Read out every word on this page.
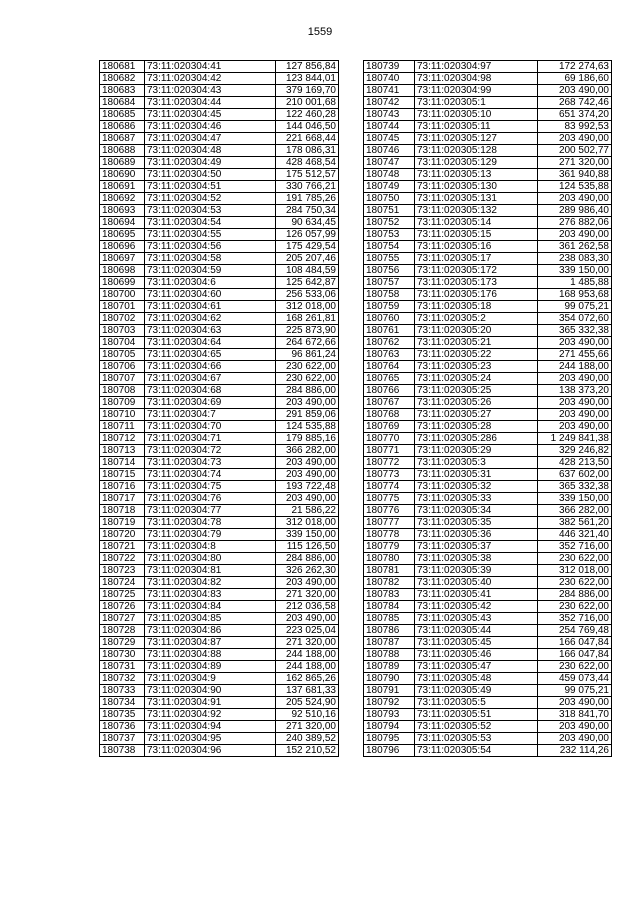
1559
180681	73:11:020304:41	127 856,84
180682	73:11:020304:42	123 844,01
180683	73:11:020304:43	379 169,70
180684	73:11:020304:44	210 001,68
180685	73:11:020304:45	122 460,28
180686	73:11:020304:46	144 046,50
180687	73:11:020304:47	221 668,44
180688	73:11:020304:48	178 086,31
180689	73:11:020304:49	428 468,54
180690	73:11:020304:50	175 512,57
180691	73:11:020304:51	330 766,21
180692	73:11:020304:52	191 785,26
180693	73:11:020304:53	284 750,34
180694	73:11:020304:54	90 634,45
180695	73:11:020304:55	126 057,99
180696	73:11:020304:56	175 429,54
180697	73:11:020304:58	205 207,46
180698	73:11:020304:59	108 484,59
180699	73:11:020304:6	125 642,87
180700	73:11:020304:60	256 533,06
180701	73:11:020304:61	312 018,00
180702	73:11:020304:62	168 261,81
180703	73:11:020304:63	225 873,90
180704	73:11:020304:64	264 672,66
180705	73:11:020304:65	96 861,24
180706	73:11:020304:66	230 622,00
180707	73:11:020304:67	230 622,00
180708	73:11:020304:68	284 886,00
180709	73:11:020304:69	203 490,00
180710	73:11:020304:7	291 859,06
180711	73:11:020304:70	124 535,88
180712	73:11:020304:71	179 885,16
180713	73:11:020304:72	366 282,00
180714	73:11:020304:73	203 490,00
180715	73:11:020304:74	203 490,00
180716	73:11:020304:75	193 722,48
180717	73:11:020304:76	203 490,00
180718	73:11:020304:77	21 586,22
180719	73:11:020304:78	312 018,00
180720	73:11:020304:79	339 150,00
180721	73:11:020304:8	115 126,50
180722	73:11:020304:80	284 886,00
180723	73:11:020304:81	326 262,30
180724	73:11:020304:82	203 490,00
180725	73:11:020304:83	271 320,00
180726	73:11:020304:84	212 036,58
180727	73:11:020304:85	203 490,00
180728	73:11:020304:86	223 025,04
180729	73:11:020304:87	271 320,00
180730	73:11:020304:88	244 188,00
180731	73:11:020304:89	244 188,00
180732	73:11:020304:9	162 865,26
180733	73:11:020304:90	137 681,33
180734	73:11:020304:91	205 524,90
180735	73:11:020304:92	92 510,16
180736	73:11:020304:94	271 320,00
180737	73:11:020304:95	240 389,52
180738	73:11:020304:96	152 210,52
180739	73:11:020304:97	172 274,63
180740	73:11:020304:98	69 186,60
180741	73:11:020304:99	203 490,00
180742	73:11:020305:1	268 742,46
180743	73:11:020305:10	651 374,20
180744	73:11:020305:11	83 992,53
180745	73:11:020305:127	203 490,00
180746	73:11:020305:128	200 502,77
180747	73:11:020305:129	271 320,00
180748	73:11:020305:13	361 940,88
180749	73:11:020305:130	124 535,88
180750	73:11:020305:131	203 490,00
180751	73:11:020305:132	289 986,40
180752	73:11:020305:14	276 882,06
180753	73:11:020305:15	203 490,00
180754	73:11:020305:16	361 262,58
180755	73:11:020305:17	238 083,30
180756	73:11:020305:172	339 150,00
180757	73:11:020305:173	1 485,88
180758	73:11:020305:176	168 953,68
180759	73:11:020305:18	99 075,21
180760	73:11:020305:2	354 072,60
180761	73:11:020305:20	365 332,38
180762	73:11:020305:21	203 490,00
180763	73:11:020305:22	271 455,66
180764	73:11:020305:23	244 188,00
180765	73:11:020305:24	203 490,00
180766	73:11:020305:25	138 373,20
180767	73:11:020305:26	203 490,00
180768	73:11:020305:27	203 490,00
180769	73:11:020305:28	203 490,00
180770	73:11:020305:286	1 249 841,38
180771	73:11:020305:29	329 246,82
180772	73:11:020305:3	428 213,50
180773	73:11:020305:31	637 602,00
180774	73:11:020305:32	365 332,38
180775	73:11:020305:33	339 150,00
180776	73:11:020305:34	366 282,00
180777	73:11:020305:35	382 561,20
180778	73:11:020305:36	446 321,40
180779	73:11:020305:37	352 716,00
180780	73:11:020305:38	230 622,00
180781	73:11:020305:39	312 018,00
180782	73:11:020305:40	230 622,00
180783	73:11:020305:41	284 886,00
180784	73:11:020305:42	230 622,00
180785	73:11:020305:43	352 716,00
180786	73:11:020305:44	254 769,48
180787	73:11:020305:45	166 047,84
180788	73:11:020305:46	166 047,84
180789	73:11:020305:47	230 622,00
180790	73:11:020305:48	459 073,44
180791	73:11:020305:49	99 075,21
180792	73:11:020305:5	203 490,00
180793	73:11:020305:51	318 841,70
180794	73:11:020305:52	203 490,00
180795	73:11:020305:53	203 490,00
180796	73:11:020305:54	232 114,26
